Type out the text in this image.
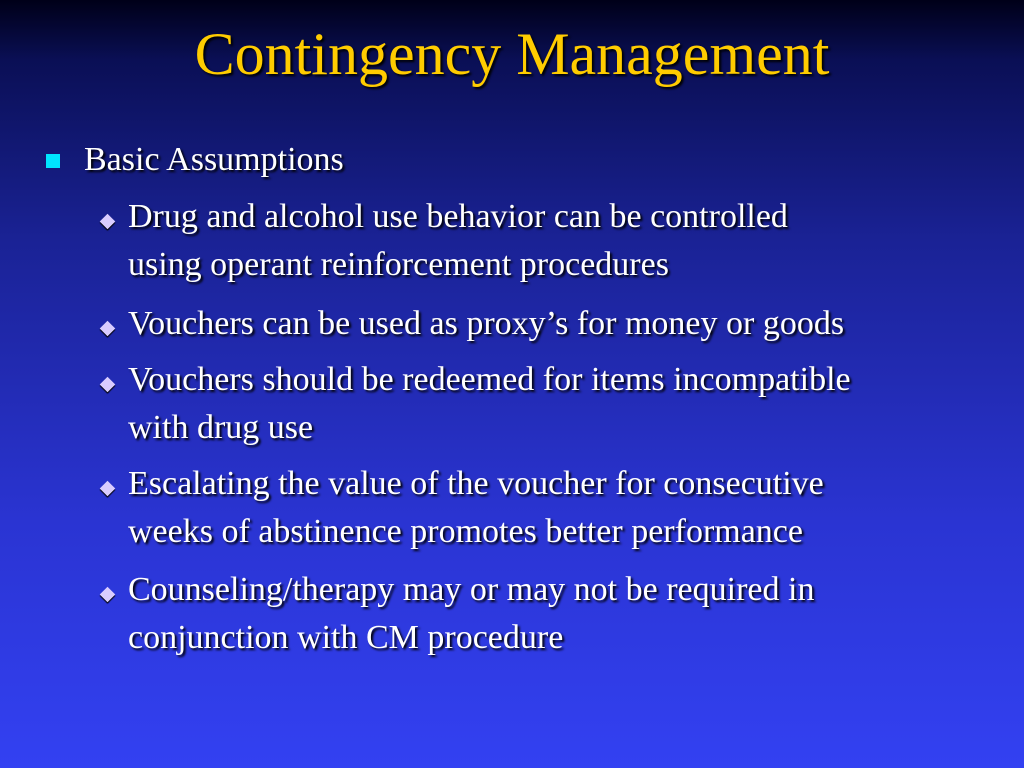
Contingency Management
Basic Assumptions
Drug and alcohol use behavior can be controlled
using operant reinforcement procedures
Vouchers can be used as proxy’s for money or goods
Vouchers should be redeemed for items incompatible
with drug use
Escalating the value of the voucher for consecutive
weeks of abstinence promotes better performance
Counseling/therapy may or may not be required in
conjunction with CM procedure
